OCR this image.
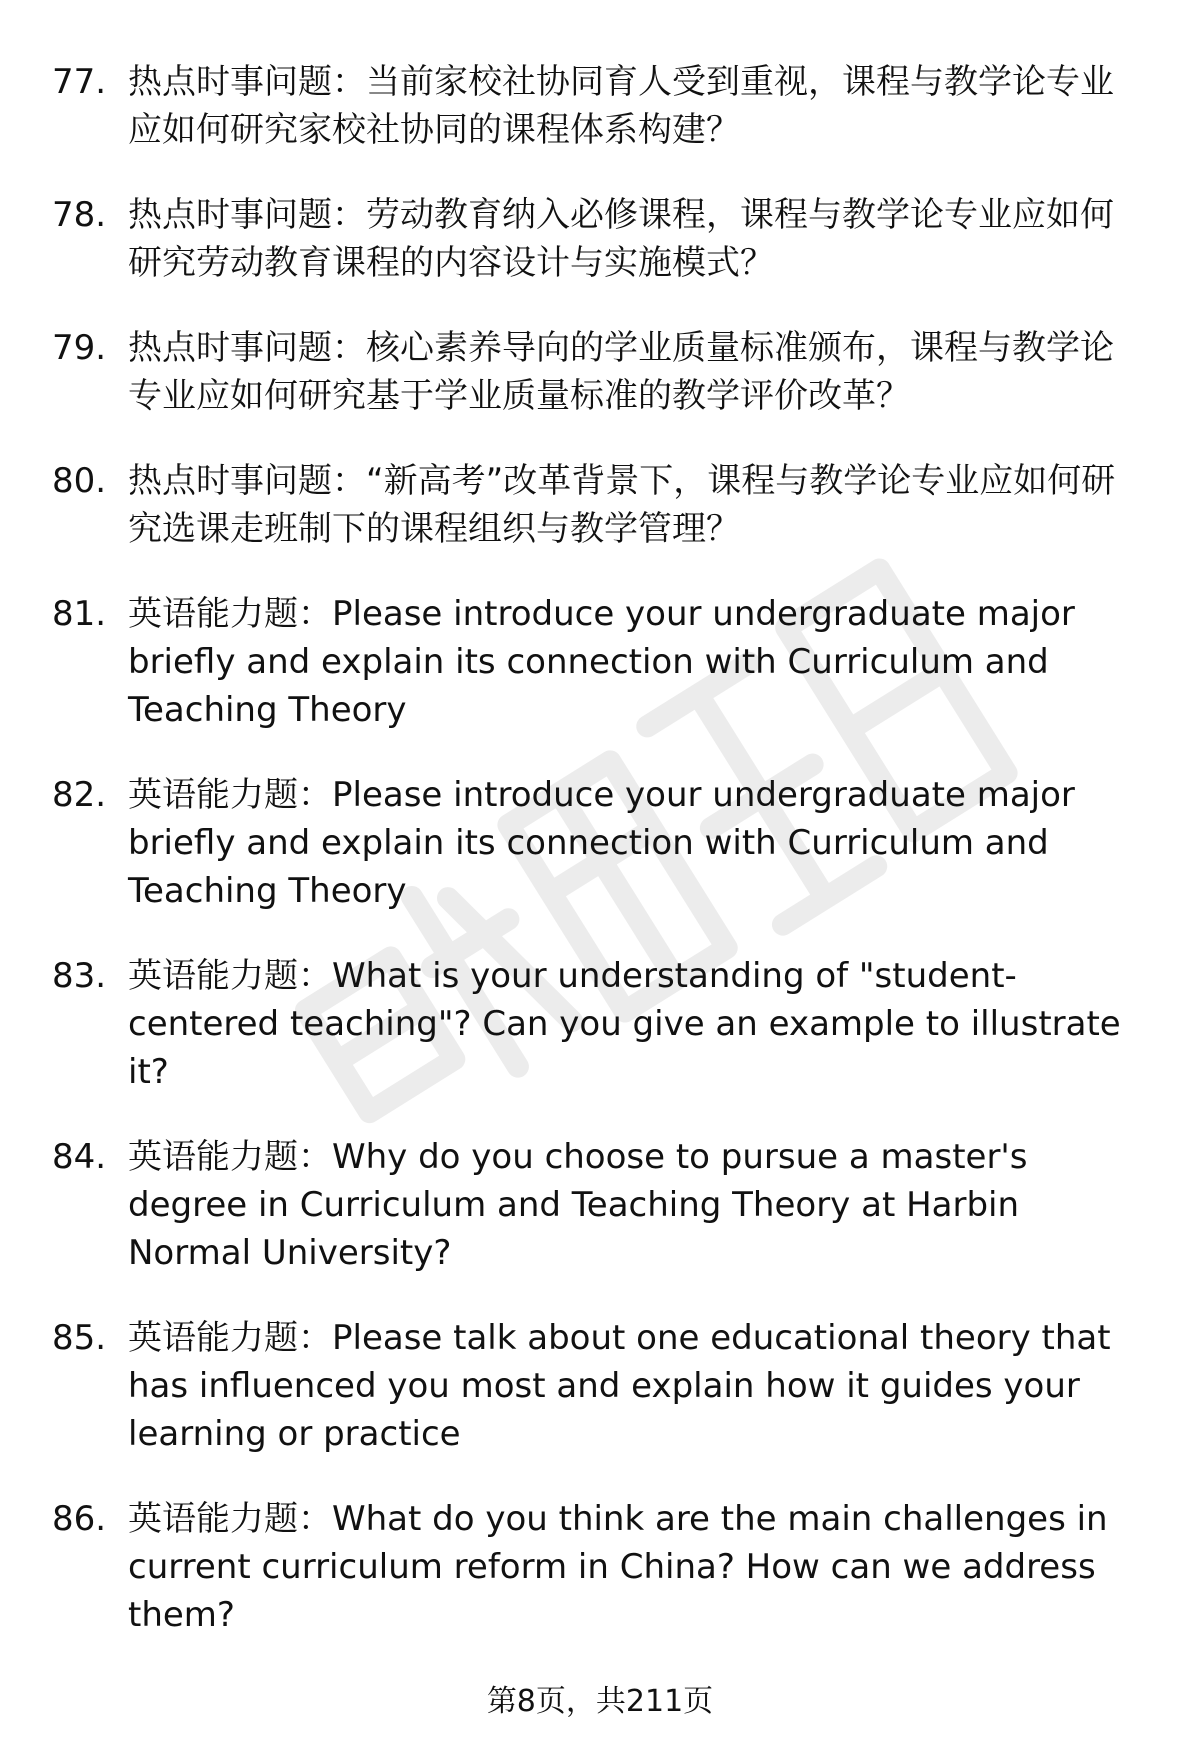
77. 热点时事问题：当前家校社协同育人受到重视，课程与教学论专业应如何研究家校社协同的课程体系构建？
78. 热点时事问题：劳动教育纳入必修课程，课程与教学论专业应如何研究劳动教育课程的内容设计与实施模式？
79. 热点时事问题：核心素养导向的学业质量标准颁布，课程与教学论专业应如何研究基于学业质量标准的教学评价改革？
80. 热点时事问题：“新高考”改革背景下，课程与教学论专业应如何研究选课走班制下的课程组织与教学管理？
81. 英语能力题：Please introduce your undergraduate major briefly and explain its connection with Curriculum and Teaching Theory
82. 英语能力题：Please introduce your undergraduate major briefly and explain its connection with Curriculum and Teaching Theory
83. 英语能力题：What is your understanding of "student-centered teaching"? Can you give an example to illustrate it?
84. 英语能力题：Why do you choose to pursue a master's degree in Curriculum and Teaching Theory at Harbin Normal University?
85. 英语能力题：Please talk about one educational theory that has influenced you most and explain how it guides your learning or practice
86. 英语能力题：What do you think are the main challenges in current curriculum reform in China? How can we address them?
第8页，共211页
